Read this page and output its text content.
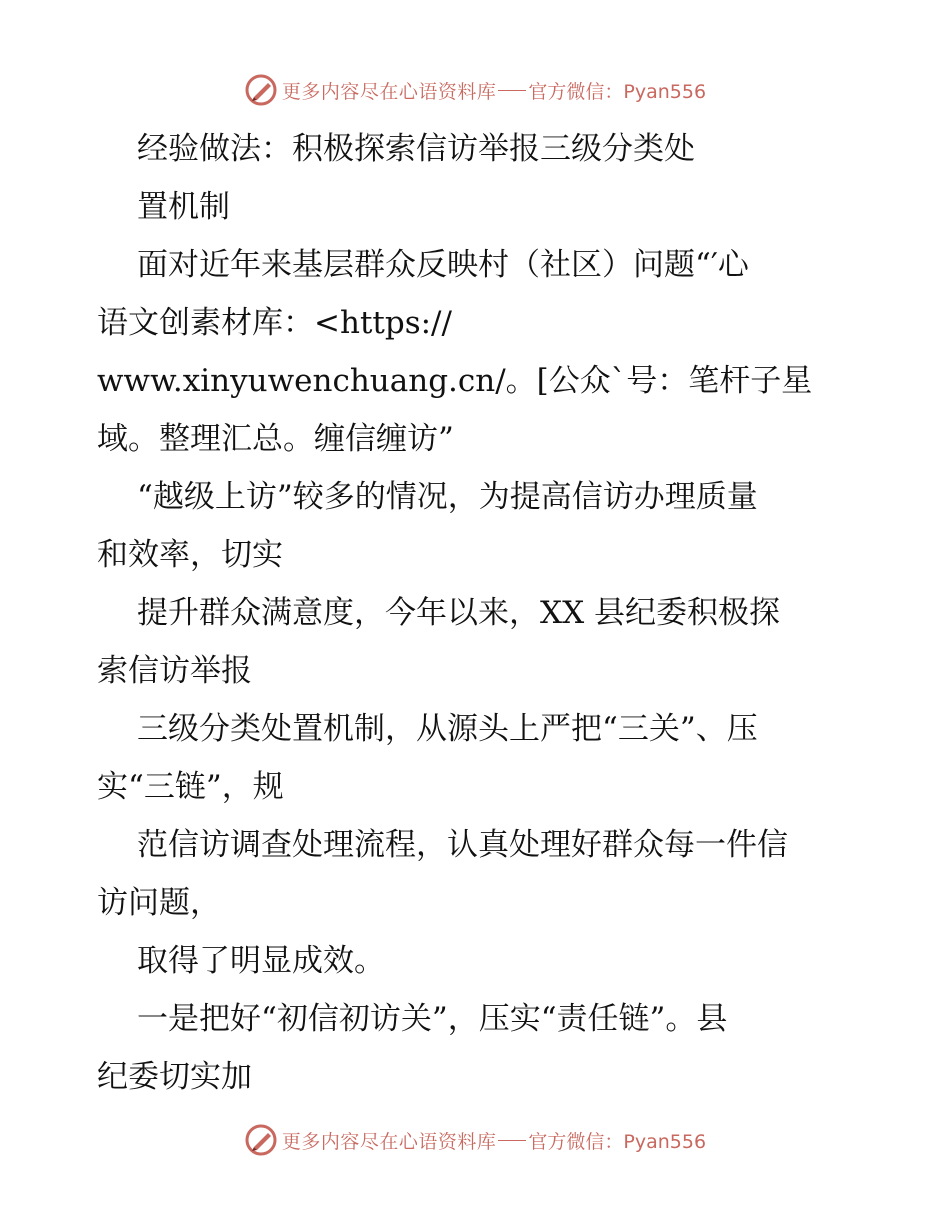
更多内容尽在心语资料库 官方微信：Pyan556
经验做法：积极探索信访举报三级分类处
置机制
面对近年来基层群众反映村（社区）问题“′心
语文创素材库：<https://
www.xinyuwenchuang.cn/。[公众`号：笔杆子星
域。整理汇总。缠信缠访”
“越级上访”较多的情况，为提高信访办理质量
和效率，切实
提升群众满意度，今年以来，XX 县纪委积极探
索信访举报
三级分类处置机制，从源头上严把“三关”、压
实“三链”，规
范信访调查处理流程，认真处理好群众每一件信
访问题，
取得了明显成效。
一是把好“初信初访关”，压实“责任链”。县
纪委切实加
更多内容尽在心语资料库 官方微信：Pyan556
